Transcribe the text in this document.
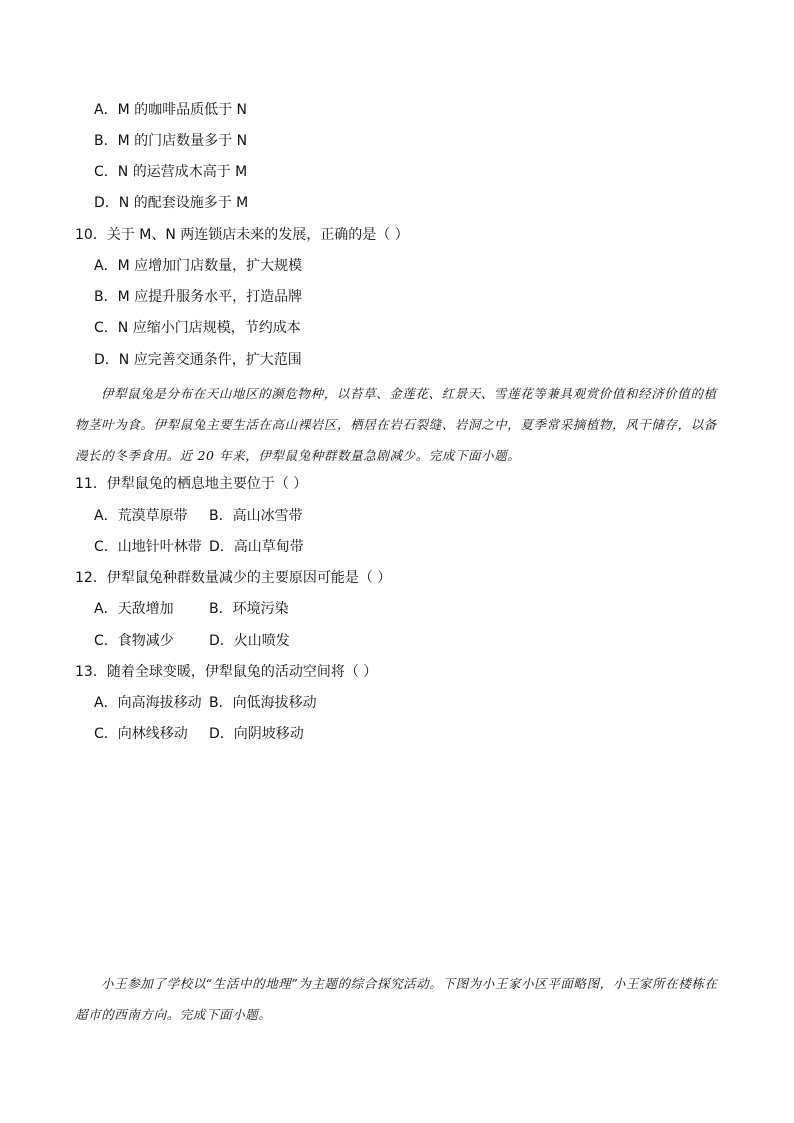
A．M 的咖啡品质低于 N
B．M 的门店数量多于 N
C．N 的运营成木高于 M
D．N 的配套设施多于 M
10．关于 M、N 两连锁店未来的发展，正确的是（ ）
A．M 应增加门店数量，扩大规模
B．M 应提升服务水平，打造品牌
C．N 应缩小门店规模，节约成本
D．N 应完善交通条件，扩大范围

伊犁鼠兔是分布在天山地区的濒危物种，以苔草、金莲花、红景天、雪莲花等兼具观赏价值和经济价值的植物茎叶为食。伊犁鼠兔主要生活在高山裸岩区，栖居在岩石裂缝、岩洞之中，夏季常采摘植物，风干储存，以备漫长的冬季食用。近 20 年来，伊犁鼠兔种群数量急剧减少。完成下面小题。

11．伊犁鼠兔的栖息地主要位于（ ）
A．荒漠草原带 B．高山冰雪带
C．山地针叶林带 D．高山草甸带
12．伊犁鼠兔种群数量减少的主要原因可能是（ ）
A．天敌增加	B．环境污染
C．食物减少	D．火山喷发
13．随着全球变暖，伊犁鼠兔的活动空间将（ ）
A．向高海拔移动 B．向低海拔移动
C．向林线移动 D．向阴坡移动

小王参加了学校以“生活中的地理”为主题的综合探究活动。下图为小王家小区平面略图，小王家所在楼栋在超市的西南方向。完成下面小题。
